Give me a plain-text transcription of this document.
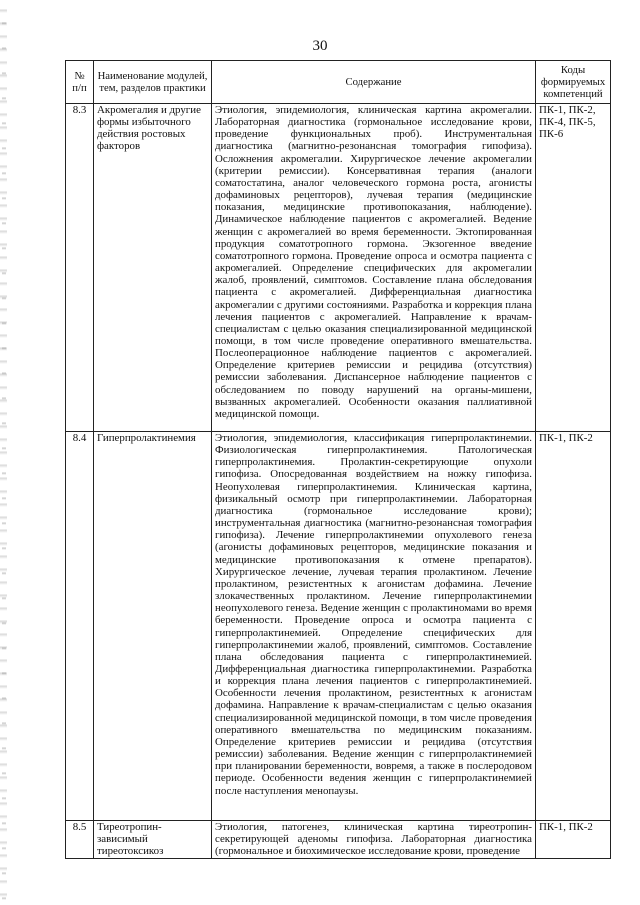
30
№ п/п	Наименование модулей, тем, разделов практики	Содержание	Коды формируемых компетенций
8.3	Акромегалия и другие формы избыточного действия ростовых факторов	Этиология, эпидемиология, клиническая картина акромегалии. Лабораторная диагностика (гормональное исследование крови, проведение функциональных проб). Инструментальная диагностика (магнитно-резонансная томография гипофиза). Осложнения акромегалии. Хирургическое лечение акромегалии (критерии ремиссии). Консервативная терапия (аналоги соматостатина, аналог человеческого гормона роста, агонисты дофаминовых рецепторов), лучевая терапия (медицинские показания, медицинские противопоказания, наблюдение). Динамическое наблюдение пациентов с акромегалией. Ведение женщин с акромегалией во время беременности. Эктопированная продукция соматотропного гормона. Экзогенное введение соматотропного гормона. Проведение опроса и осмотра пациента с акромегалией. Определение специфических для акромегалии жалоб, проявлений, симптомов. Составление плана обследования пациента с акромегалией. Дифференциальная диагностика акромегалии с другими состояниями. Разработка и коррекция плана лечения пациентов с акромегалией. Направление к врачам-специалистам с целью оказания специализированной медицинской помощи, в том числе проведение оперативного вмешательства. Послеоперационное наблюдение пациентов с акромегалией. Определение критериев ремиссии и рецидива (отсутствия) ремиссии заболевания. Диспансерное наблюдение пациентов с обследованием по поводу нарушений на органы-мишени, вызванных акромегалией. Особенности оказания паллиативной медицинской помощи.	ПК-1, ПК-2, ПК-4, ПК-5, ПК-6
8.4	Гиперпролактинемия	Этиология, эпидемиология, классификация гиперпролактинемии. Физиологическая гиперпролактинемия. Патологическая гиперпролактинемия. Пролактин-секретирующие опухоли гипофиза. Опосредованная воздействием на ножку гипофиза. Неопухолевая гиперпролактинемия. Клиническая картина, физикальный осмотр при гиперпролактинемии. Лабораторная диагностика (гормональное исследование крови); инструментальная диагностика (магнитно-резонансная томография гипофиза). Лечение гиперпролактинемии опухолевого генеза (агонисты дофаминовых рецепторов, медицинские показания и медицинские противопоказания к отмене препаратов). Хирургическое лечение, лучевая терапия пролактином. Лечение пролактином, резистентных к агонистам дофамина. Лечение злокачественных пролактином. Лечение гиперпролактинемии неопухолевого генеза. Ведение женщин с пролактиномами во время беременности. Проведение опроса и осмотра пациента с гиперпролактинемией. Определение специфических для гиперпролактинемии жалоб, проявлений, симптомов. Составление плана обследования пациента с гиперпролактинемией. Дифференциальная диагностика гиперпролактинемии. Разработка и коррекция плана лечения пациентов с гиперпролактинемией. Особенности лечения пролактином, резистентных к агонистам дофамина. Направление к врачам-специалистам с целью оказания специализированной медицинской помощи, в том числе проведения оперативного вмешательства по медицинским показаниям. Определение критериев ремиссии и рецидива (отсутствия ремиссии) заболевания. Ведение женщин с гиперпролактинемией при планировании беременности, вовремя, а также в послеродовом периоде. Особенности ведения женщин с гиперпролактинемией после наступления менопаузы.	ПК-1, ПК-2
8.5	Тиреотропин-зависимый тиреотоксикоз	Этиология, патогенез, клиническая картина тиреотропин-секретирующей аденомы гипофиза. Лабораторная диагностика (гормональное и биохимическое исследование крови, проведение	ПК-1, ПК-2
